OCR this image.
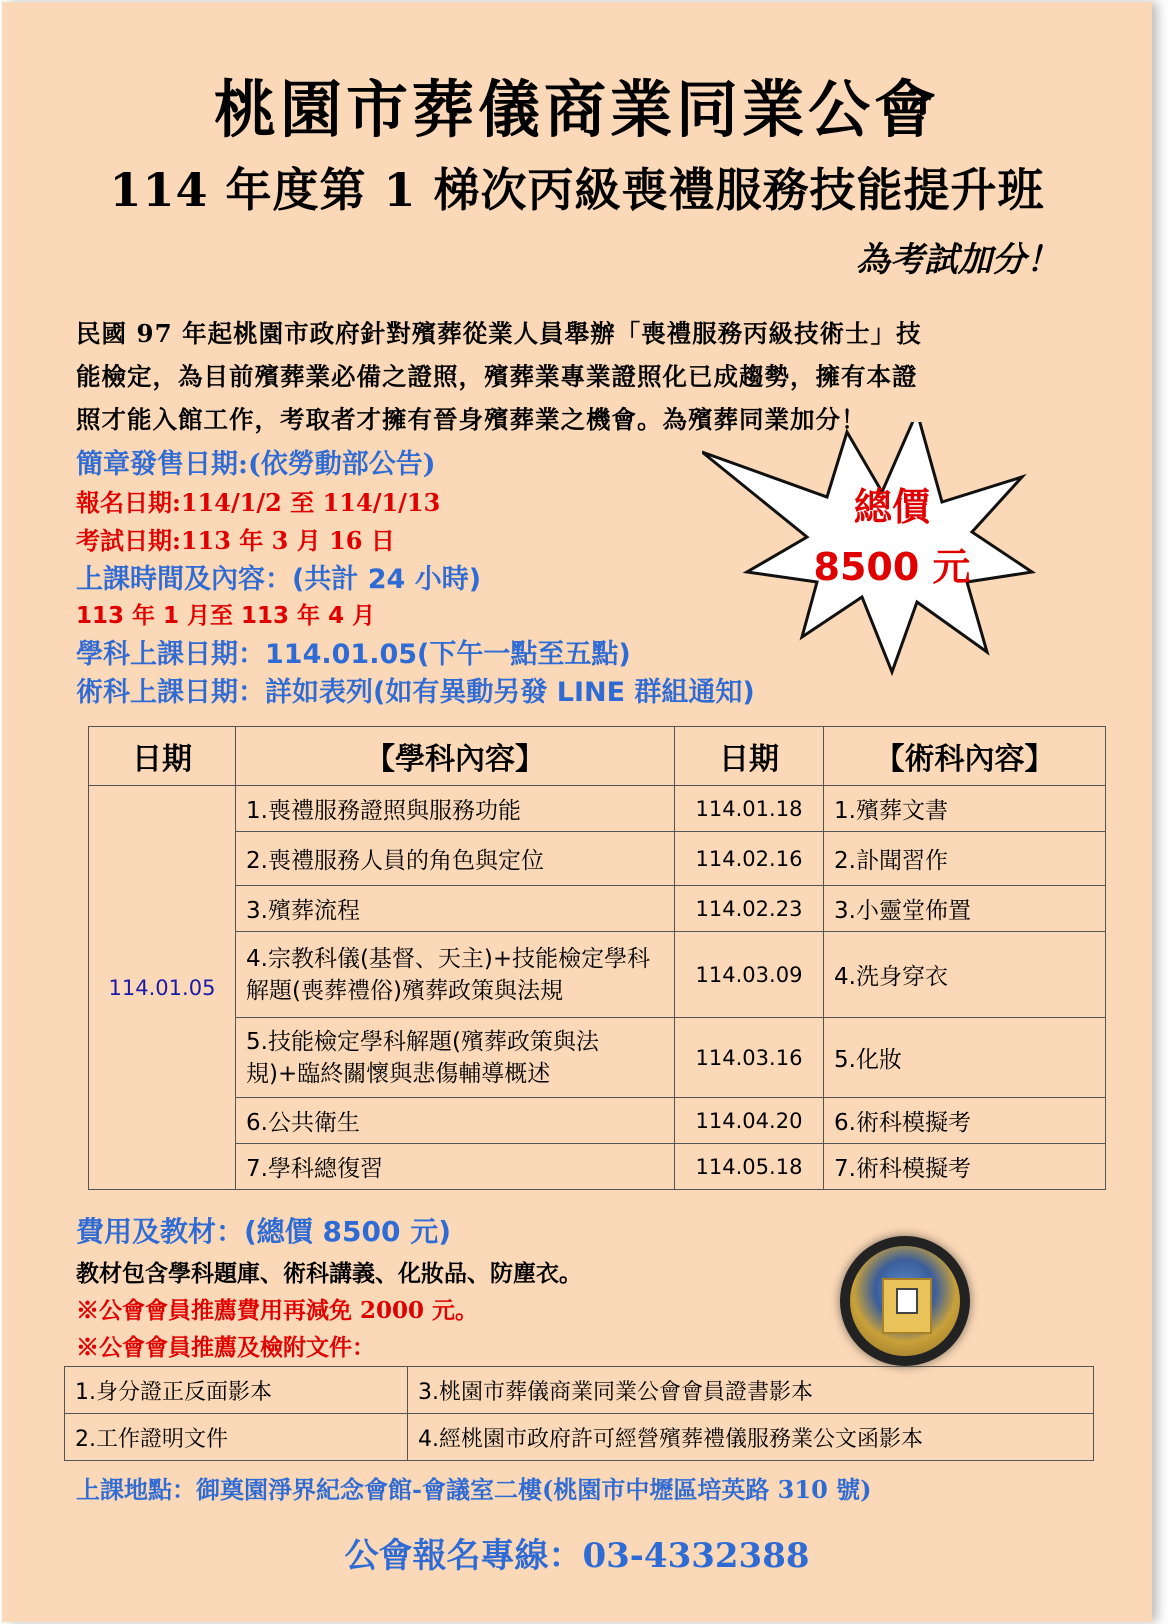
桃園市葬儀商業同業公會
114 年度第 1 梯次丙級喪禮服務技能提升班
為考試加分！
民國 97 年起桃園市政府針對殯葬從業人員舉辦「喪禮服務丙級技術士」技
能檢定，為目前殯葬業必備之證照，殯葬業專業證照化已成趨勢，擁有本證
照才能入館工作，考取者才擁有晉身殯葬業之機會。為殯葬同業加分！
簡章發售日期:(依勞動部公告)
報名日期:114/1/2 至 114/1/13
考試日期:113 年 3 月 16 日
上課時間及內容：(共計 24 小時)
113 年 1 月至 113 年 4 月
學科上課日期：114.01.05(下午一點至五點)
術科上課日期：詳如表列(如有異動另發 LINE 群組通知)
總價
8500 元
日期	【學科內容】	日期	【術科內容】
114.01.05	1.喪禮服務證照與服務功能	114.01.18	1.殯葬文書
	2.喪禮服務人員的角色與定位	114.02.16	2.訃聞習作
	3.殯葬流程	114.02.23	3.小靈堂佈置
	4.宗教科儀(基督、天主)+技能檢定學科解題(喪葬禮俗)殯葬政策與法規	114.03.09	4.洗身穿衣
	5.技能檢定學科解題(殯葬政策與法規)+臨終關懷與悲傷輔導概述	114.03.16	5.化妝
	6.公共衛生	114.04.20	6.術科模擬考
	7.學科總復習	114.05.18	7.術科模擬考
費用及教材：(總價 8500 元)
教材包含學科題庫、術科講義、化妝品、防塵衣。
※公會會員推薦費用再減免 2000 元。
※公會會員推薦及檢附文件：
1.身分證正反面影本	3.桃園市葬儀商業同業公會會員證書影本
2.工作證明文件	4.經桃園市政府許可經營殯葬禮儀服務業公文函影本
上課地點：御奠園淨界紀念會館-會議室二樓(桃園市中壢區培英路 310 號)
公會報名專線：03-4332388
